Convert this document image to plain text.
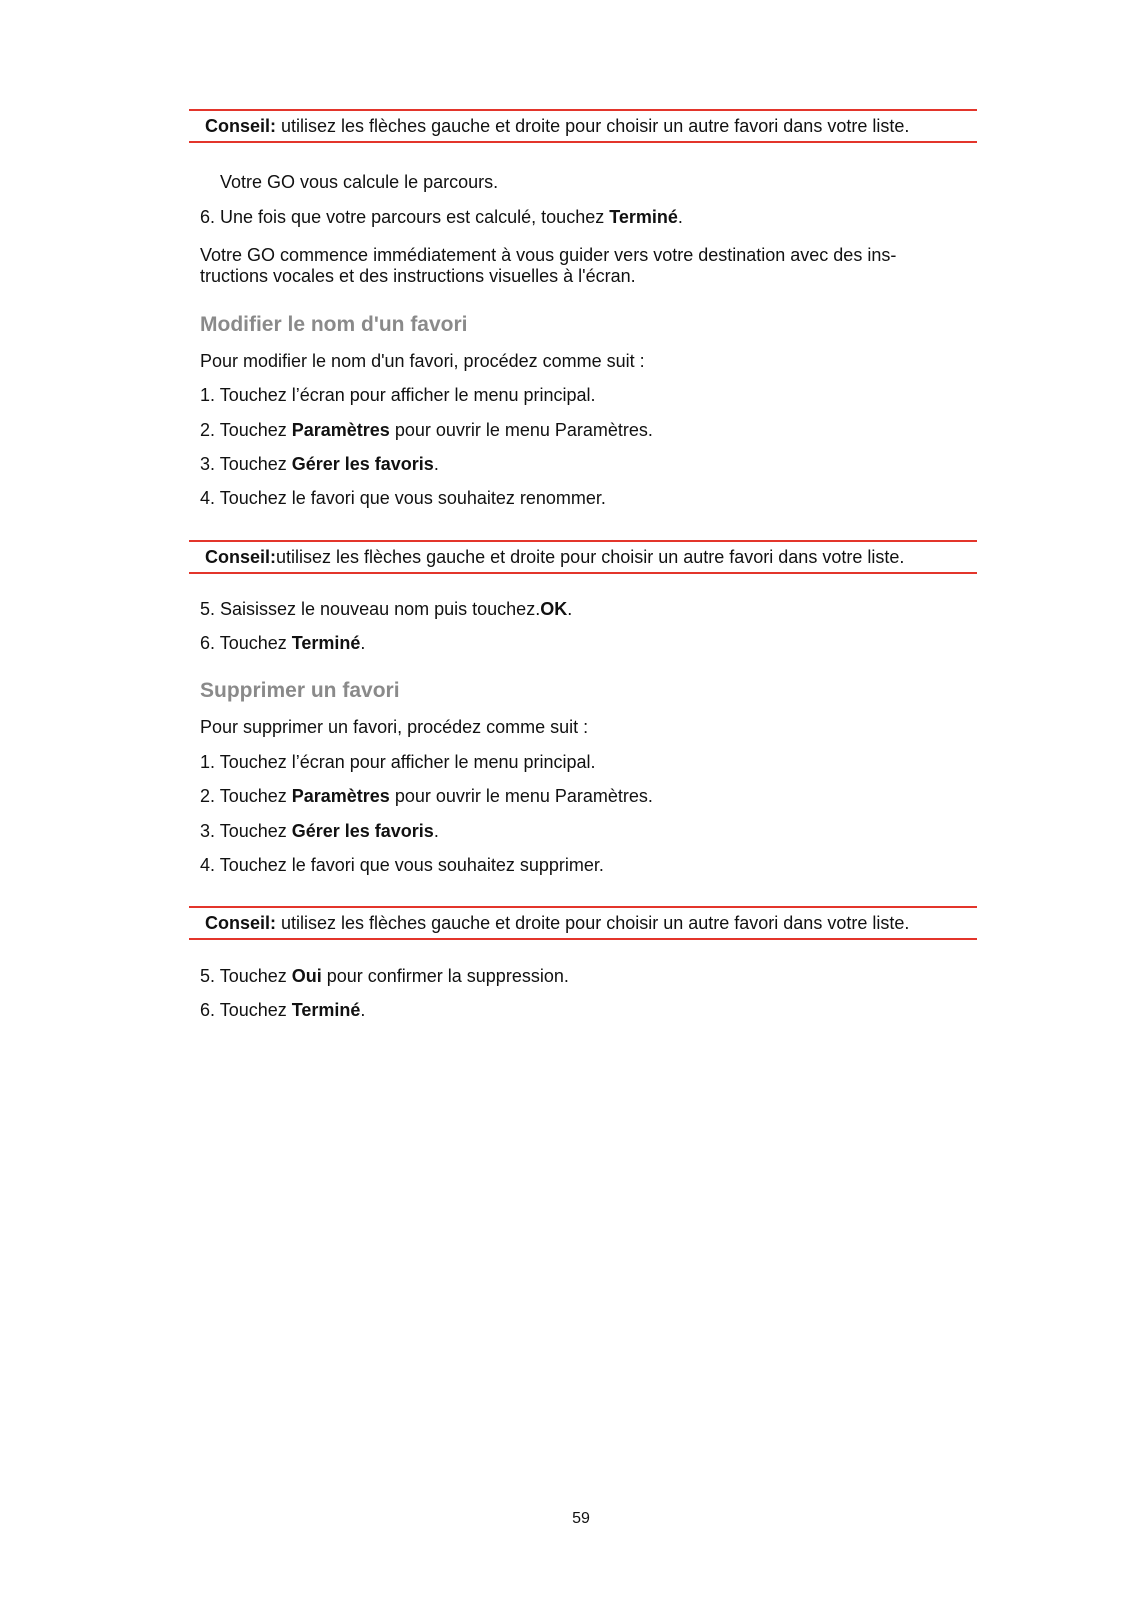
Conseil: utilisez les flèches gauche et droite pour choisir un autre favori dans votre liste.
Votre GO vous calcule le parcours.
6. Une fois que votre parcours est calculé, touchez Terminé.
Votre GO commence immédiatement à vous guider vers votre destination avec des ins-
tructions vocales et des instructions visuelles à l'écran.
Modifier le nom d'un favori
Pour modifier le nom d'un favori, procédez comme suit :
1. Touchez l’écran pour afficher le menu principal.
2. Touchez Paramètres pour ouvrir le menu Paramètres.
3. Touchez Gérer les favoris.
4. Touchez le favori que vous souhaitez renommer.
Conseil:utilisez les flèches gauche et droite pour choisir un autre favori dans votre liste.
5. Saisissez le nouveau nom puis touchez.OK.
6. Touchez Terminé.
Supprimer un favori
Pour supprimer un favori, procédez comme suit :
1. Touchez l’écran pour afficher le menu principal.
2. Touchez Paramètres pour ouvrir le menu Paramètres.
3. Touchez Gérer les favoris.
4. Touchez le favori que vous souhaitez supprimer.
Conseil: utilisez les flèches gauche et droite pour choisir un autre favori dans votre liste.
5. Touchez Oui pour confirmer la suppression.
6. Touchez Terminé.
59
